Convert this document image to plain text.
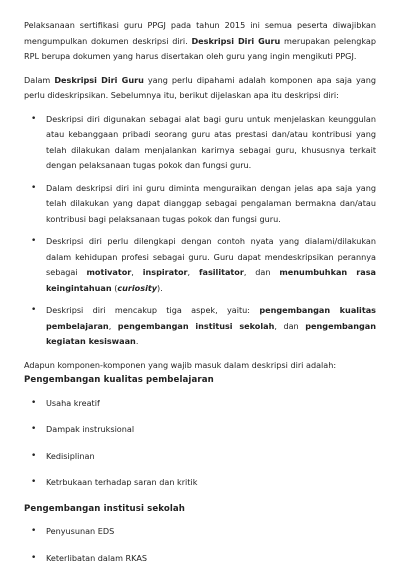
Pelaksanaan sertifikasi guru PPGJ pada tahun 2015 ini semua peserta diwajibkan mengumpulkan dokumen deskripsi diri. Deskripsi Diri Guru merupakan pelengkap RPL berupa dokumen yang harus disertakan oleh guru yang ingin mengikuti PPGJ.

Dalam Deskripsi Diri Guru yang perlu dipahami adalah komponen apa saja yang perlu dideskripsikan. Sebelumnya itu, berikut dijelaskan apa itu deskripsi diri:

• Deskripsi diri digunakan sebagai alat bagi guru untuk menjelaskan keunggulan atau kebanggaan pribadi seorang guru atas prestasi dan/atau kontribusi yang telah dilakukan dalam menjalankan karirnya sebagai guru, khususnya terkait dengan pelaksanaan tugas pokok dan fungsi guru.
• Dalam deskripsi diri ini guru diminta menguraikan dengan jelas apa saja yang telah dilakukan yang dapat dianggap sebagai pengalaman bermakna dan/atau kontribusi bagi pelaksanaan tugas pokok dan fungsi guru.
• Deskripsi diri perlu dilengkapi dengan contoh nyata yang dialami/dilakukan dalam kehidupan profesi sebagai guru. Guru dapat mendeskripsikan perannya sebagai motivator, inspirator, fasilitator, dan menumbuhkan rasa keingintahuan (curiosity).
• Deskripsi diri mencakup tiga aspek, yaitu: pengembangan kualitas pembelajaran, pengembangan institusi sekolah, dan pengembangan kegiatan kesiswaan.

Adapun komponen-komponen yang wajib masuk dalam deskripsi diri adalah:

Pengembangan kualitas pembelajaran

• Usaha kreatif
• Dampak instruksional
• Kedisiplinan
• Ketrbukaan terhadap saran dan kritik

Pengembangan institusi sekolah

• Penyusunan EDS
• Keterlibatan dalam RKAS
